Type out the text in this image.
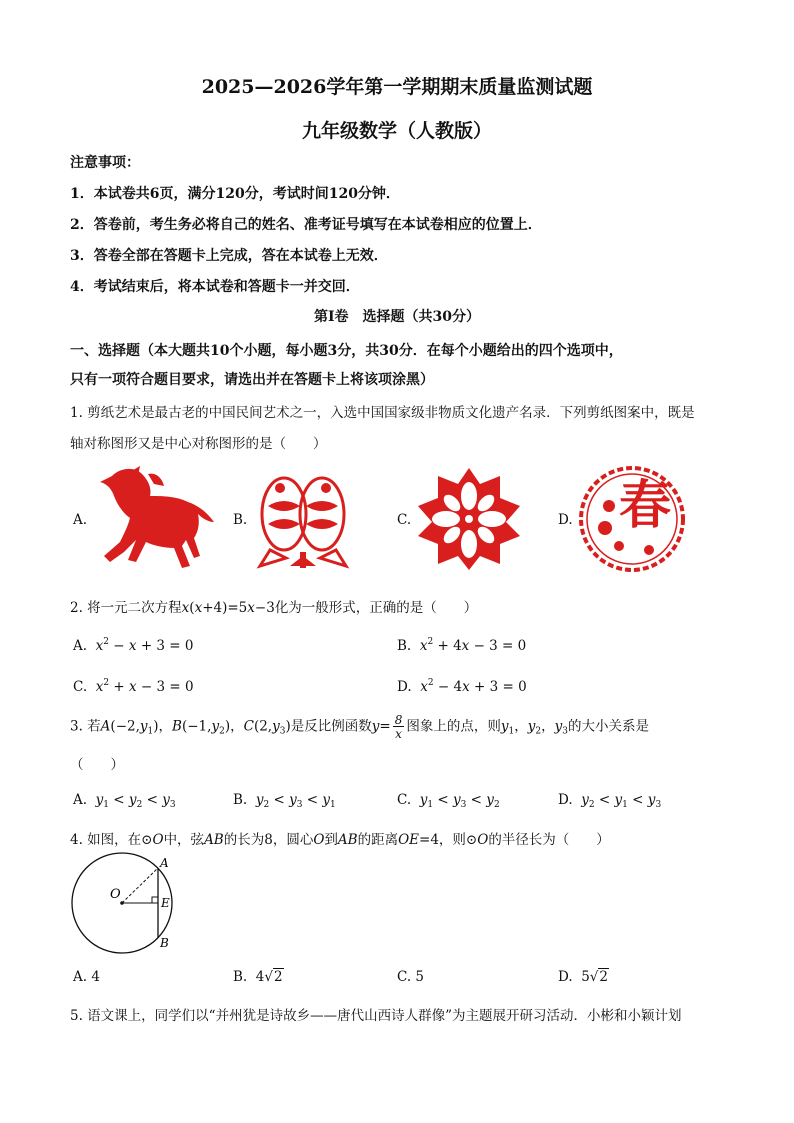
2025—2026学年第一学期期末质量监测试题
九年级数学（人教版）
注意事项：
1．本试卷共6页，满分120分，考试时间120分钟．
2．答卷前，考生务必将自己的姓名、准考证号填写在本试卷相应的位置上．
3．答卷全部在答题卡上完成，答在本试卷上无效．
4．考试结束后，将本试卷和答题卡一并交回．
第Ⅰ卷　选择题（共30分）
一、选择题（本大题共10个小题，每小题3分，共30分．在每个小题给出的四个选项中，
只有一项符合题目要求，请选出并在答题卡上将该项涂黑）
1. 剪纸艺术是最古老的中国民间艺术之一，入选中国国家级非物质文化遗产名录．下列剪纸图案中，既是
轴对称图形又是中心对称图形的是（　　）
A.	B.	C.	D. 春
2. 将一元二次方程x(x+4)=5x−3化为一般形式，正确的是（　　）
A. $x^2 - x + 3 = 0$	B. $x^2 + 4x - 3 = 0$
C. $x^2 + x - 3 = 0$	D. $x^2 - 4x + 3 = 0$
3. 若$A(-2,y_1)$，$B(-1,y_2)$，$C(2,y_3)$是反比例函数$y= \frac{8}{x}$ 图象上的点，则$y_1$，$y_2$，$y_3$的大小关系是
（　　）
A. $y_1 < y_2 < y_3$	B. $y_2 < y_3 < y_1$	C. $y_1 < y_3 < y_2$	D. $y_2 < y_1 < y_3$
4. 如图，在⊙O中，弦AB的长为8，圆心O到AB的距离OE=4，则⊙O的半径长为（　　）
O
A
E
B
A. 4	B.  4√2	C. 5	D.  5√2
5. 语文课上，同学们以“并州犹是诗故乡——唐代山西诗人群像”为主题展开研习活动．小彬和小颖计划
